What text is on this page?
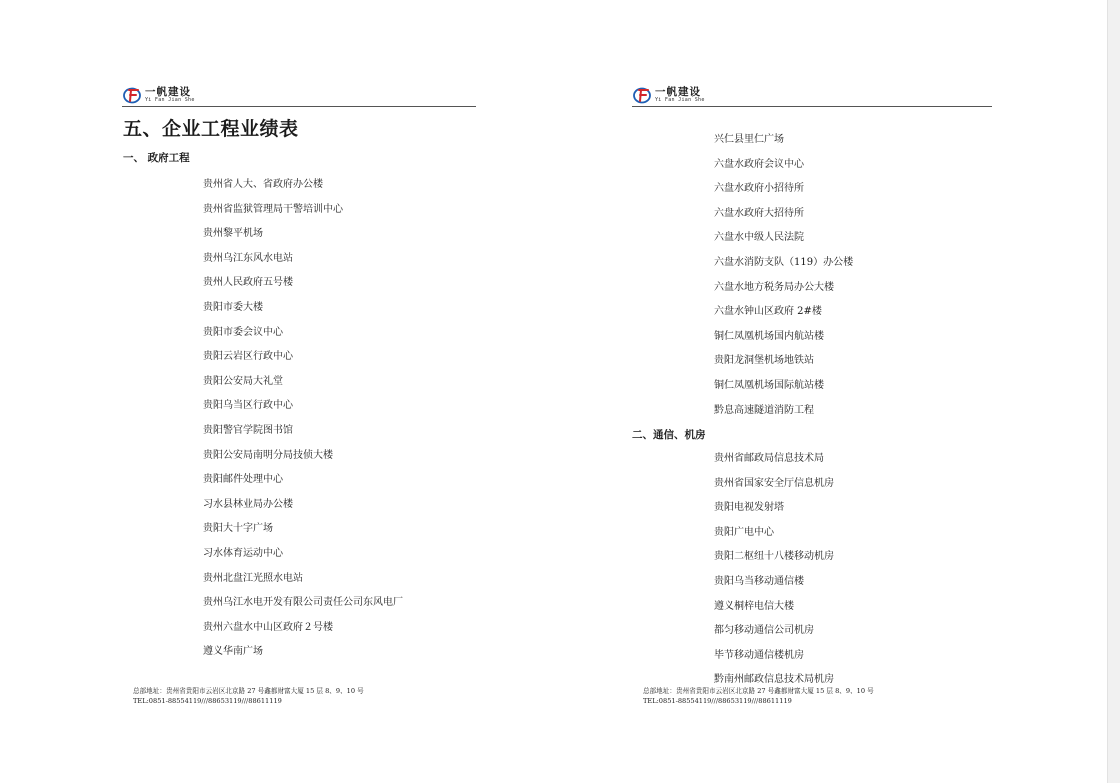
一帆建设
Yi Fan Jian She
五、企业工程业绩表
一、 政府工程
贵州省人大、省政府办公楼
贵州省监狱管理局干警培训中心
贵州黎平机场
贵州乌江东风水电站
贵州人民政府五号楼
贵阳市委大楼
贵阳市委会议中心
贵阳云岩区行政中心
贵阳公安局大礼堂
贵阳乌当区行政中心
贵阳警官学院图书馆
贵阳公安局南明分局技侦大楼
贵阳邮件处理中心
习水县林业局办公楼
贵阳大十字广场
习水体育运动中心
贵州北盘江光照水电站
贵州乌江水电开发有限公司责任公司东风电厂
贵州六盘水中山区政府２号楼
遵义华南广场
总部地址：贵州省贵阳市云岩区北京路 27 号鑫都财富大厦 15 层 8、9、10 号
TEL:0851-88554119///88653119///88611119
一帆建设
Yi Fan Jian She
兴仁县里仁广场
六盘水政府会议中心
六盘水政府小招待所
六盘水政府大招待所
六盘水中级人民法院
六盘水消防支队（119）办公楼
六盘水地方税务局办公大楼
六盘水钟山区政府 2#楼
铜仁凤凰机场国内航站楼
贵阳龙洞堡机场地铁站
铜仁凤凰机场国际航站楼
黔息高速隧道消防工程
二、通信、机房
贵州省邮政局信息技术局
贵州省国家安全厅信息机房
贵阳电视发射塔
贵阳广电中心
贵阳二枢纽十八楼移动机房
贵阳乌当移动通信楼
遵义桐梓电信大楼
都匀移动通信公司机房
毕节移动通信楼机房
黔南州邮政信息技术局机房
总部地址：贵州省贵阳市云岩区北京路 27 号鑫都财富大厦 15 层 8、9、10 号
TEL:0851-88554119///88653119///88611119
